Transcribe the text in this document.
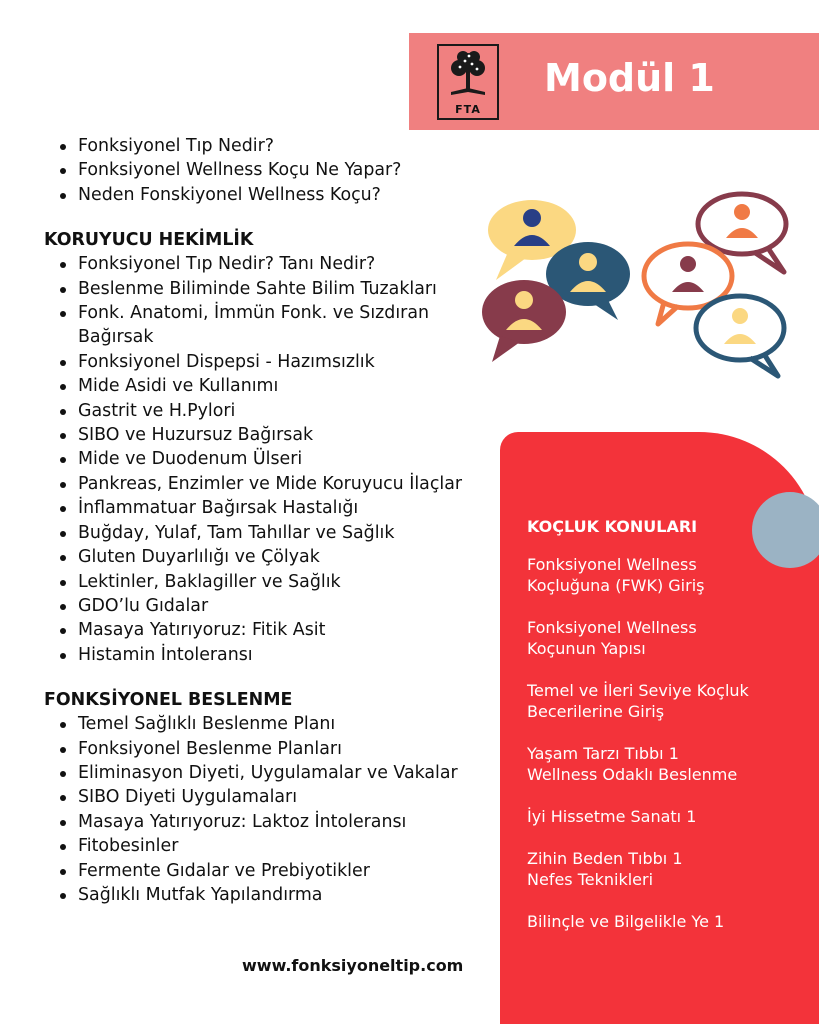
FTA
Modül 1
Fonksiyonel Tıp Nedir?
Fonksiyonel Wellness Koçu Ne Yapar?
Neden Fonskiyonel Wellness Koçu?
KORUYUCU HEKİMLİK
Fonksiyonel Tıp Nedir? Tanı Nedir?
Beslenme Biliminde Sahte Bilim Tuzakları
Fonk. Anatomi, İmmün Fonk. ve Sızdıran Bağırsak
Fonksiyonel Dispepsi - Hazımsızlık
Mide Asidi ve Kullanımı
Gastrit ve H.Pylori
SIBO ve Huzursuz Bağırsak
Mide ve Duodenum Ülseri
Pankreas, Enzimler ve Mide Koruyucu İlaçlar
İnflammatuar Bağırsak Hastalığı
Buğday, Yulaf, Tam Tahıllar ve Sağlık
Gluten Duyarlılığı ve Çölyak
Lektinler, Baklagiller ve Sağlık
GDO’lu Gıdalar
Masaya Yatırıyoruz: Fitik Asit
Histamin İntoleransı
FONKSİYONEL BESLENME
Temel Sağlıklı Beslenme Planı
Fonksiyonel Beslenme Planları
Eliminasyon Diyeti, Uygulamalar ve Vakalar
SIBO Diyeti Uygulamaları
Masaya Yatırıyoruz: Laktoz İntoleransı
Fitobesinler
Fermente Gıdalar ve Prebiyotikler
Sağlıklı Mutfak Yapılandırma
www.fonksiyoneltip.com
KOÇLUK KONULARI
Fonksiyonel Wellness
Koçluğuna (FWK) Giriş
Fonksiyonel Wellness
Koçunun Yapısı
Temel ve İleri Seviye Koçluk
Becerilerine Giriş
Yaşam Tarzı Tıbbı 1
Wellness Odaklı Beslenme
İyi Hissetme Sanatı 1
Zihin Beden Tıbbı 1
Nefes Teknikleri
Bilinçle ve Bilgelikle Ye 1
